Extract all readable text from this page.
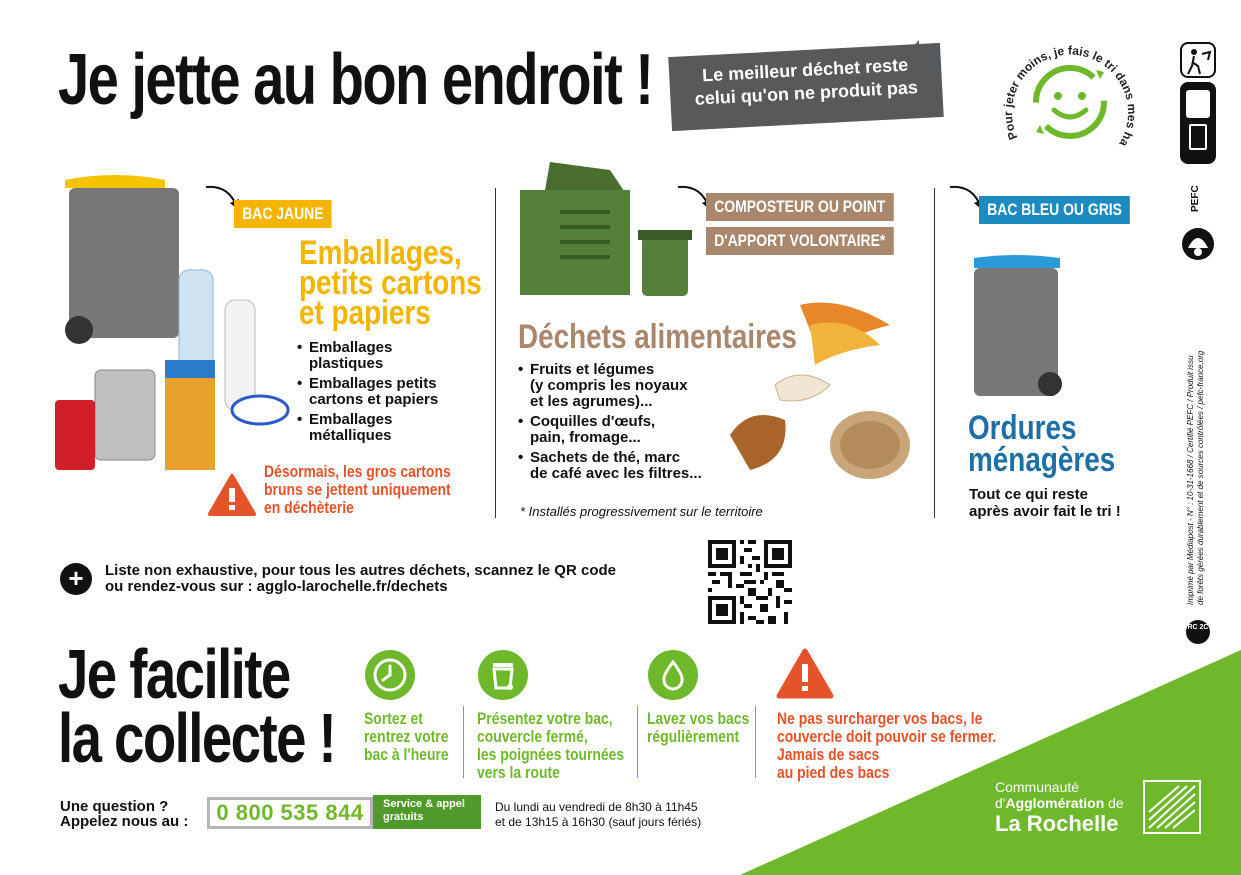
Je jette au bon endroit !	Le meilleur déchet reste
celui qu'on ne produit pas
Pour jeter moins, je fais le tri dans mes ha
BAC JAUNE
Emballages,
petits cartons
et papiers
• Emballages
plastiques
• Emballages petits
cartons et papiers
• Emballages
métalliques
Désormais, les gros cartons
bruns se jettent uniquement
en déchèterie
COMPOSTEUR OU POINT
D'APPORT VOLONTAIRE*
Déchets alimentaires
• Fruits et légumes
(y compris les noyaux
et les agrumes)...
• Coquilles d'œufs,
pain, fromage...
• Sachets de thé, marc
de café avec les filtres...
* Installés progressivement sur le territoire
BAC BLEU OU GRIS
Ordures
ménagères
Tout ce qui reste
après avoir fait le tri !
+	Liste non exhaustive, pour tous les autres déchets, scannez le QR code
ou rendez-vous sur : agglo-larochelle.fr/dechets
Je facilite
la collecte ! Sortez et
rentrez votre
bac à l'heure
Présentez votre bac,
couvercle fermé,
les poignées tournées
vers la route
Lavez vos bacs
régulièrement
Ne pas surcharger vos bacs, le
couvercle doit pouvoir se fermer.
Jamais de sacs
au pied des bacs
Une question ?
Appelez nous au : 0 800 535 844	Service & appel
gratuits
Du lundi au vendredi de 8h30 à 11h45
et de 13h15 à 16h30 (sauf jours fériés)
Communauté
d'Agglomération de
La Rochelle
PEFC
Imprimé par Médiapost - N° : 10-31-1668 / Certifié PEFC / Produit issu de forêts gérées durablement et de sources contrôlées / pefc-france.org
RC 2C
